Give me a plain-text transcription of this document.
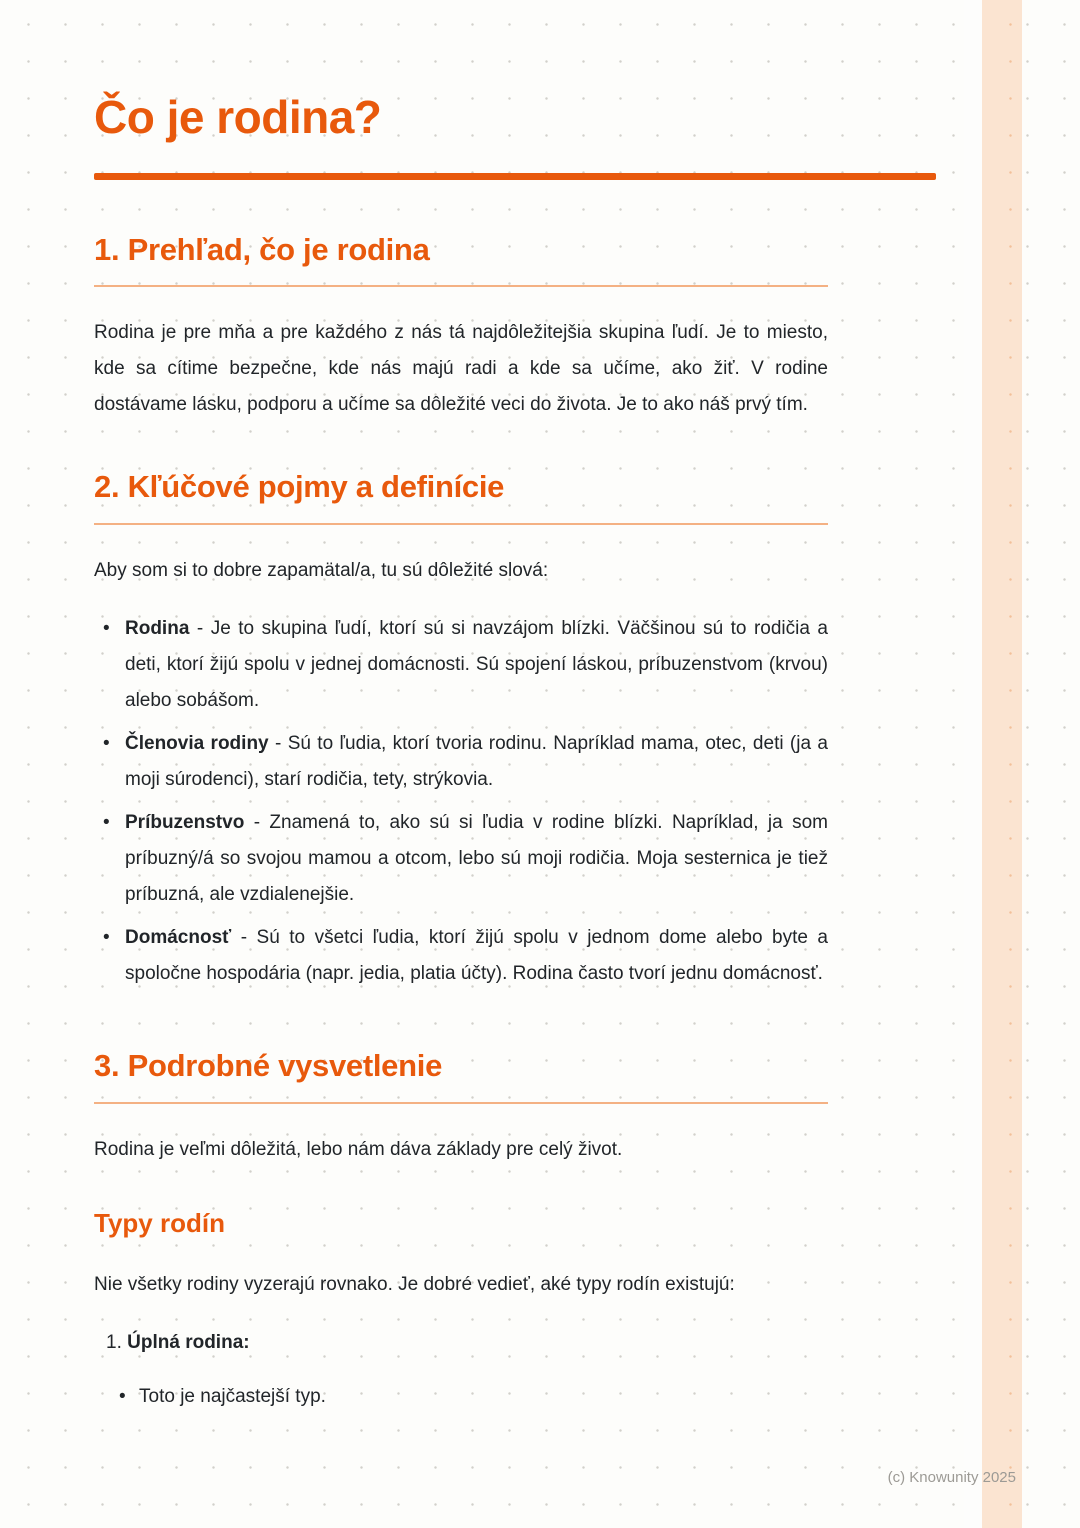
Čo je rodina?
1. Prehľad, čo je rodina

Rodina je pre mňa a pre každého z nás tá najdôležitejšia skupina ľudí. Je to miesto, kde sa cítime bezpečne, kde nás majú radi a kde sa učíme, ako žiť. V rodine dostávame lásku, podporu a učíme sa dôležité veci do života. Je to ako náš prvý tím.

2. Kľúčové pojmy a definície

Aby som si to dobre zapamätal/a, tu sú dôležité slová:

• Rodina - Je to skupina ľudí, ktorí sú si navzájom blízki. Väčšinou sú to rodičia a deti, ktorí žijú spolu v jednej domácnosti. Sú spojení láskou, príbuzenstvom (krvou) alebo sobášom.
• Členovia rodiny - Sú to ľudia, ktorí tvoria rodinu. Napríklad mama, otec, deti (ja a moji súrodenci), starí rodičia, tety, strýkovia.
• Príbuzenstvo - Znamená to, ako sú si ľudia v rodine blízki. Napríklad, ja som príbuzný/á so svojou mamou a otcom, lebo sú moji rodičia. Moja sesternica je tiež príbuzná, ale vzdialenejšie.
• Domácnosť - Sú to všetci ľudia, ktorí žijú spolu v jednom dome alebo byte a spoločne hospodária (napr. jedia, platia účty). Rodina často tvorí jednu domácnosť.
3. Podrobné vysvetlenie

Rodina je veľmi dôležitá, lebo nám dáva základy pre celý život.

Typy rodín

Nie všetky rodiny vyzerajú rovnako. Je dobré vedieť, aké typy rodín existujú:

1. Úplná rodina:
• Toto je najčastejší typ.
(c) Knowunity 2025
